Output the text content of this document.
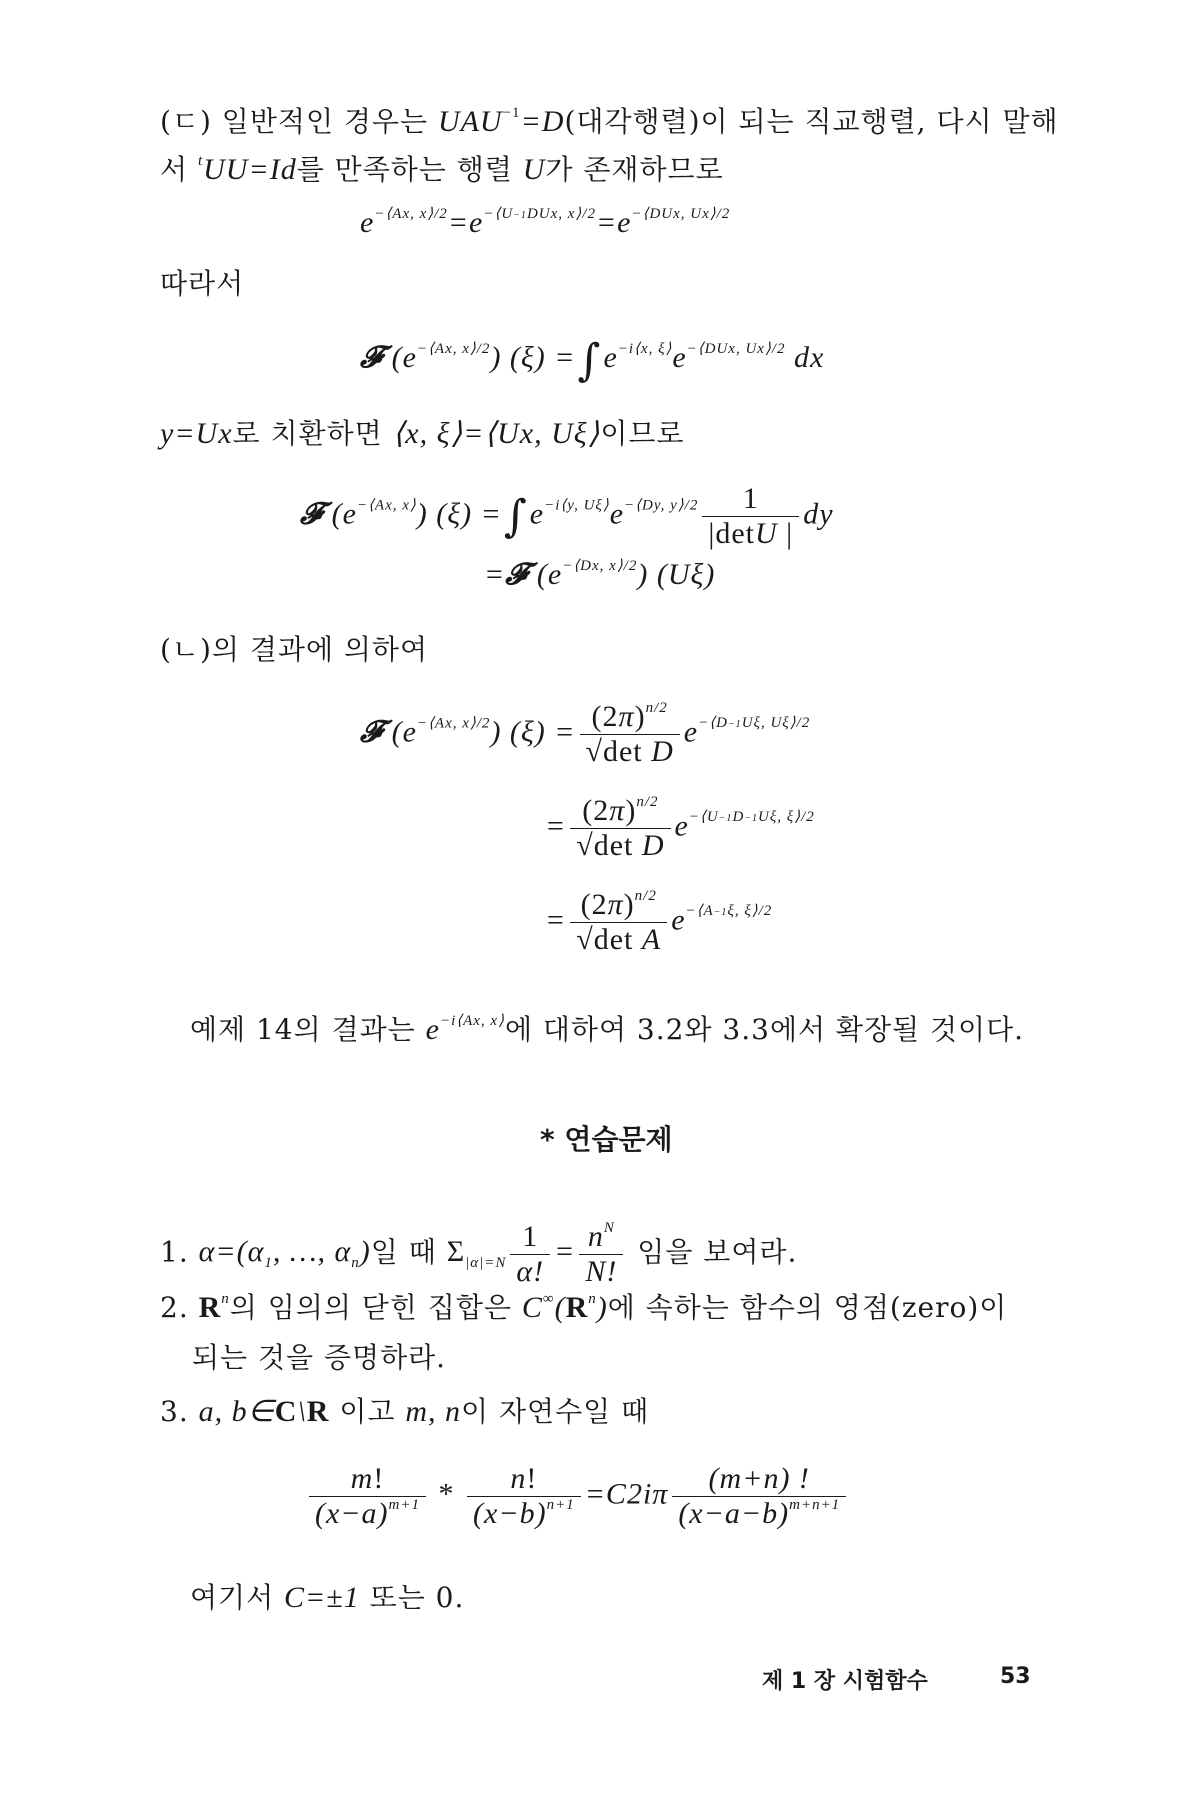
(ㄷ) 일반적인 경우는 $UAU^{-1}=D$(대각행렬)이 되는 직교행렬, 다시 말해
서 $^t$UU=Id를 만족하는 행렬 U가 존재하므로
$e^{-⟨Ax, x⟩/2}=e^{-⟨U-1DUx, x⟩/2}=e^{-⟨DUx, Ux⟩/2}$
따라서
𝓕 $(e^{-⟨Ax, x⟩/2})$ $(\xi) =\int e^{-i⟨x, \xi⟩}e^{-⟨DUx, Ux⟩/2}$ dx
y=Ux로 치환하면 ⟨x, ξ⟩=⟨Ux, Uξ⟩이므로
𝓕 $(e^{-⟨Ax, x⟩})$ $(\xi) =\int e^{-i⟨y, U\xi⟩}e^{-⟨Dy, y⟩/2} \frac{1}{|\det U |}$ dy
=𝓕 $(e^{-⟨Dx, x⟩/2})$ (Uξ)
(ㄴ)의 결과에 의하여
𝓕 $(e^{-⟨Ax, x⟩/2}) (\xi) = \frac{(2\pi)^{n/2}}{\text{√det D}} e^{-⟨D-1U\xi, U\xi⟩/2}$
= $\frac{(2\pi)^{n/2}}{\text{√det D}} e^{-⟨U-1D-1U\xi, \xi⟩/2}$
= $\frac{(2\pi)^{n/2}}{\text{√det A}} e^{-⟨A-1\xi, \xi⟩/2}$
예제 14의 결과는 $e^{-i⟨Ax, x⟩}$에 대하여 3.2와 3.3에서 확장될 것이다.
* 연습문제
1. $\alpha=(\alpha_1$, …, $\alpha_n$)일 때 $\Sigma_{|\alpha|=N} \frac{1}{\alpha!} = \frac{n^N}{N!}$ 임을 보여라.
2. $R^n$의 임의의 닫힌 집합은 $C^\infty(R^n)$에 속하는 함수의 영점(zero)이
되는 것을 증명하라.
3. a, b∈C\R 이고 m, n이 자연수일 때
$\frac{m!}{(x-a)^{m+1}} * \frac{n!}{(x-b)^{n+1}} =C2i\pi \frac{(m+n) !}{(x-a-b)^{m+n+1}}$
여기서 C=±1 또는 0.
제 1 장 시험함수	53
